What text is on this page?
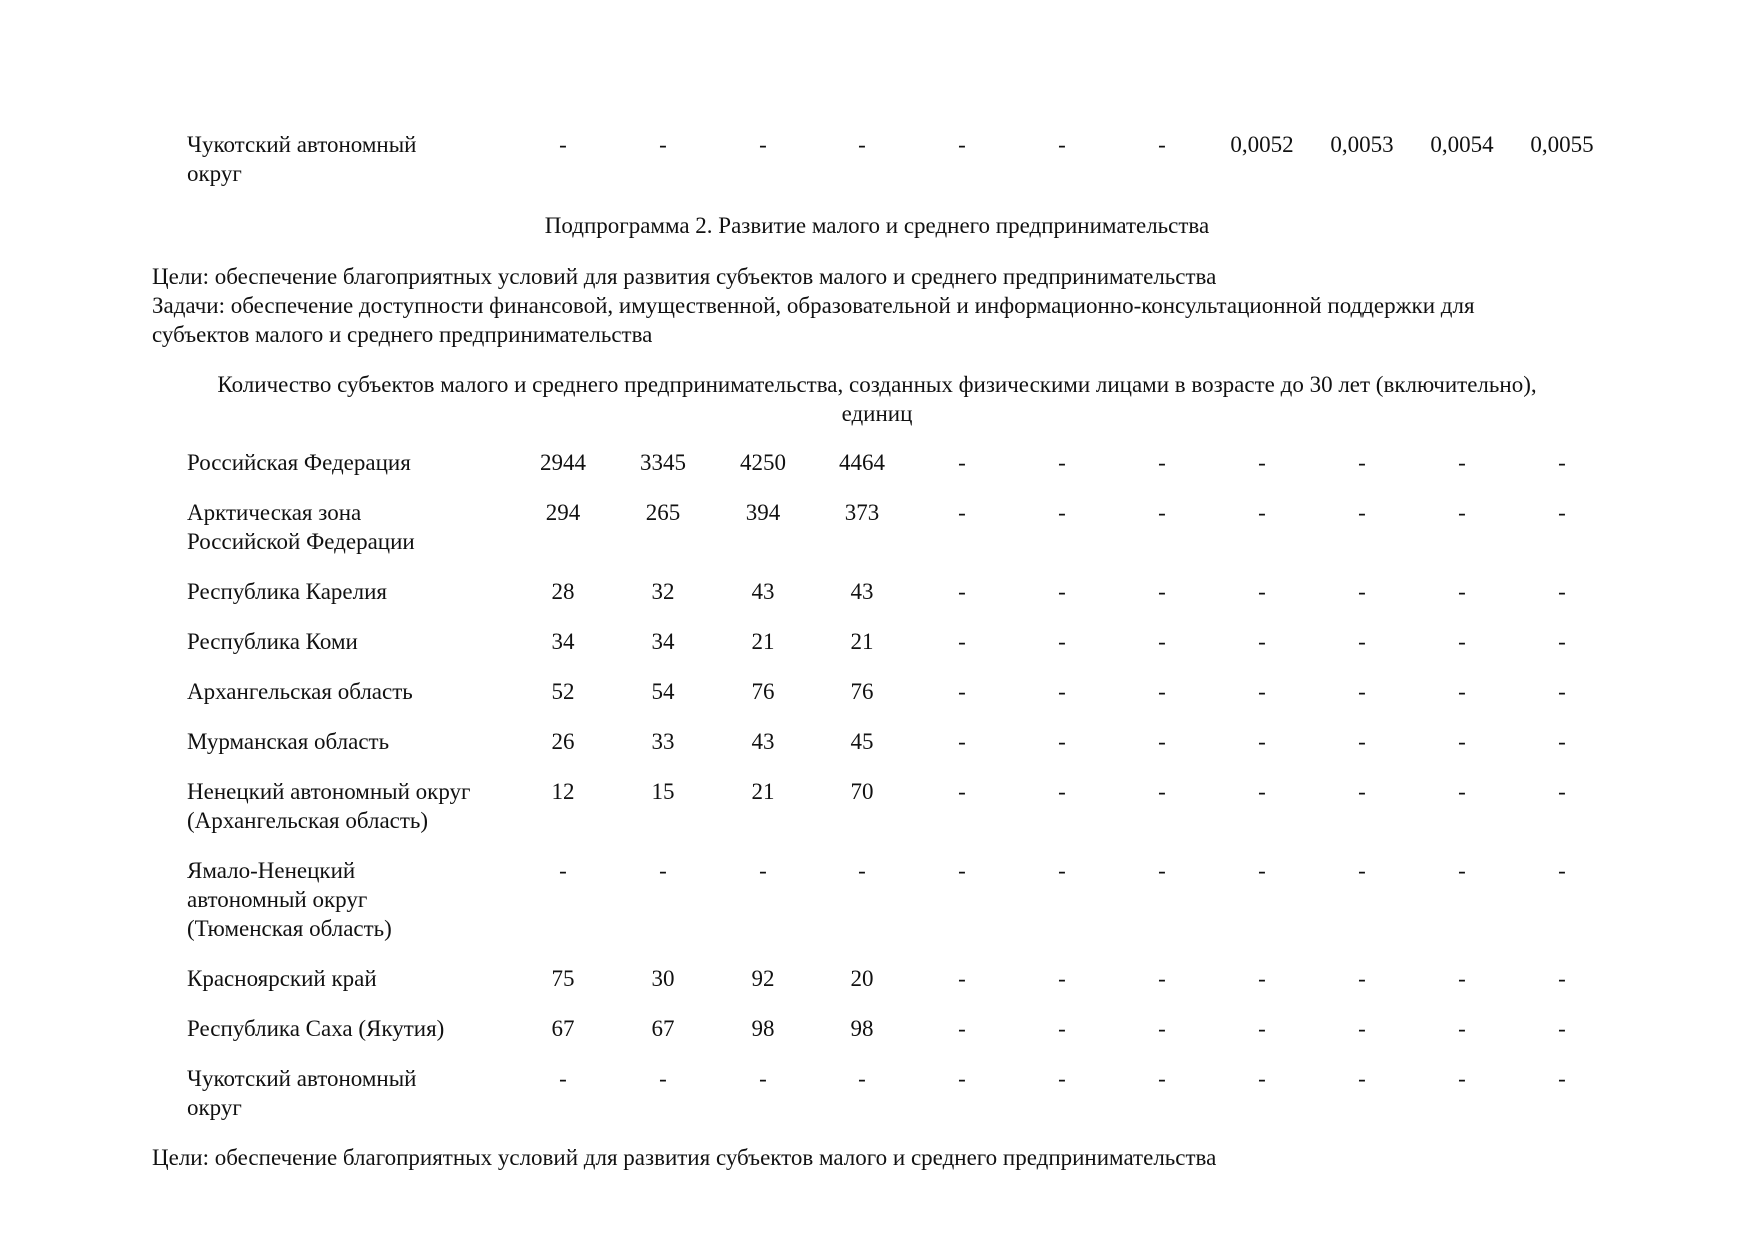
Чукотский автономный
округ
-	-	-	-	-	-	-	0,0052	0,0053	0,0054	0,0055
Подпрограмма 2. Развитие малого и среднего предпринимательства
Цели: обеспечение благоприятных условий для развития субъектов малого и среднего предпринимательства
Задачи: обеспечение доступности финансовой, имущественной, образовательной и информационно-консультационной поддержки для
субъектов малого и среднего предпринимательства
Количество субъектов малого и среднего предпринимательства, созданных физическими лицами в возрасте до 30 лет (включительно),
единиц
Российская Федерация	2944	3345	4250	4464	-	-	-	-	-	-	-
Арктическая зона
Российской Федерации
294	265	394	373	-	-	-	-	-	-	-
Республика Карелия	28	32	43	43	-	-	-	-	-	-	-
Республика Коми	34	34	21	21	-	-	-	-	-	-	-
Архангельская область	52	54	76	76	-	-	-	-	-	-	-
Мурманская область	26	33	43	45	-	-	-	-	-	-	-
Ненецкий автономный округ
(Архангельская область)
12	15	21	70	-	-	-	-	-	-	-
Ямало-Ненецкий
автономный округ
(Тюменская область)
-	-	-	-	-	-	-	-	-	-	-
Красноярский край	75	30	92	20	-	-	-	-	-	-	-
Республика Саха (Якутия)	67	67	98	98	-	-	-	-	-	-	-
Чукотский автономный
округ
-	-	-	-	-	-	-	-	-	-	-
Цели: обеспечение благоприятных условий для развития субъектов малого и среднего предпринимательства
